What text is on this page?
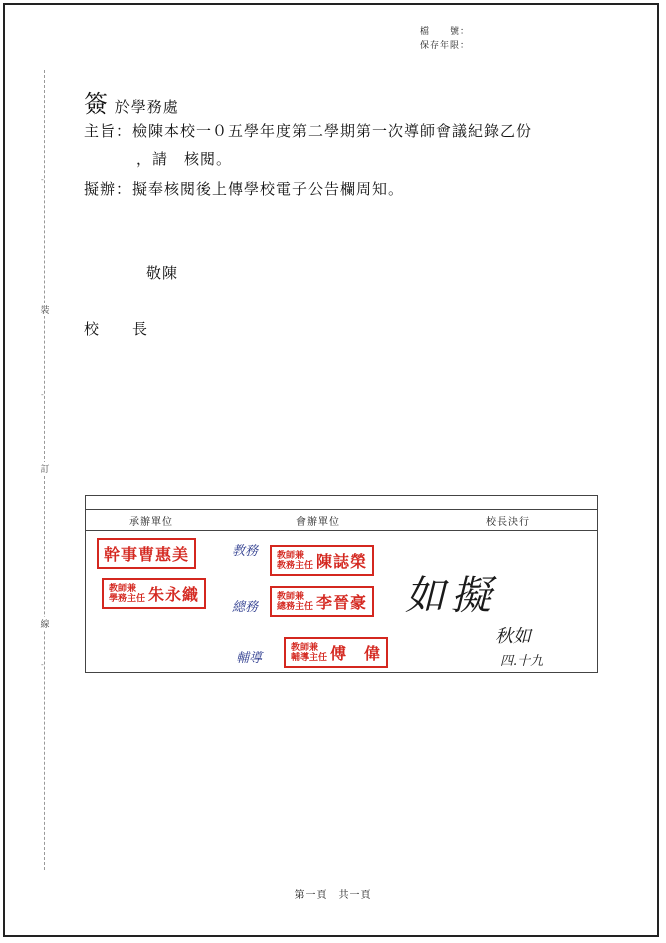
-
-
-
裝
訂
線
檔　　號：
保存年限：
簽 於學務處
主旨：檢陳本校一０五學年度第二學期第一次導師會議紀錄乙份
，請　核閱。
擬辦：擬奉核閱後上傳學校電子公告欄周知。
敬陳
校　　長

承辦單位	會辦單位	校長決行

幹事曹惠美
教師兼
學務主任 朱永織
教務 教師兼
教務主任 陳誌榮
總務
教師兼
總務主任 李晉豪
輔導
教師兼
輔導主任 傅　偉
如擬
秋如
四.十九
第一頁　共一頁
